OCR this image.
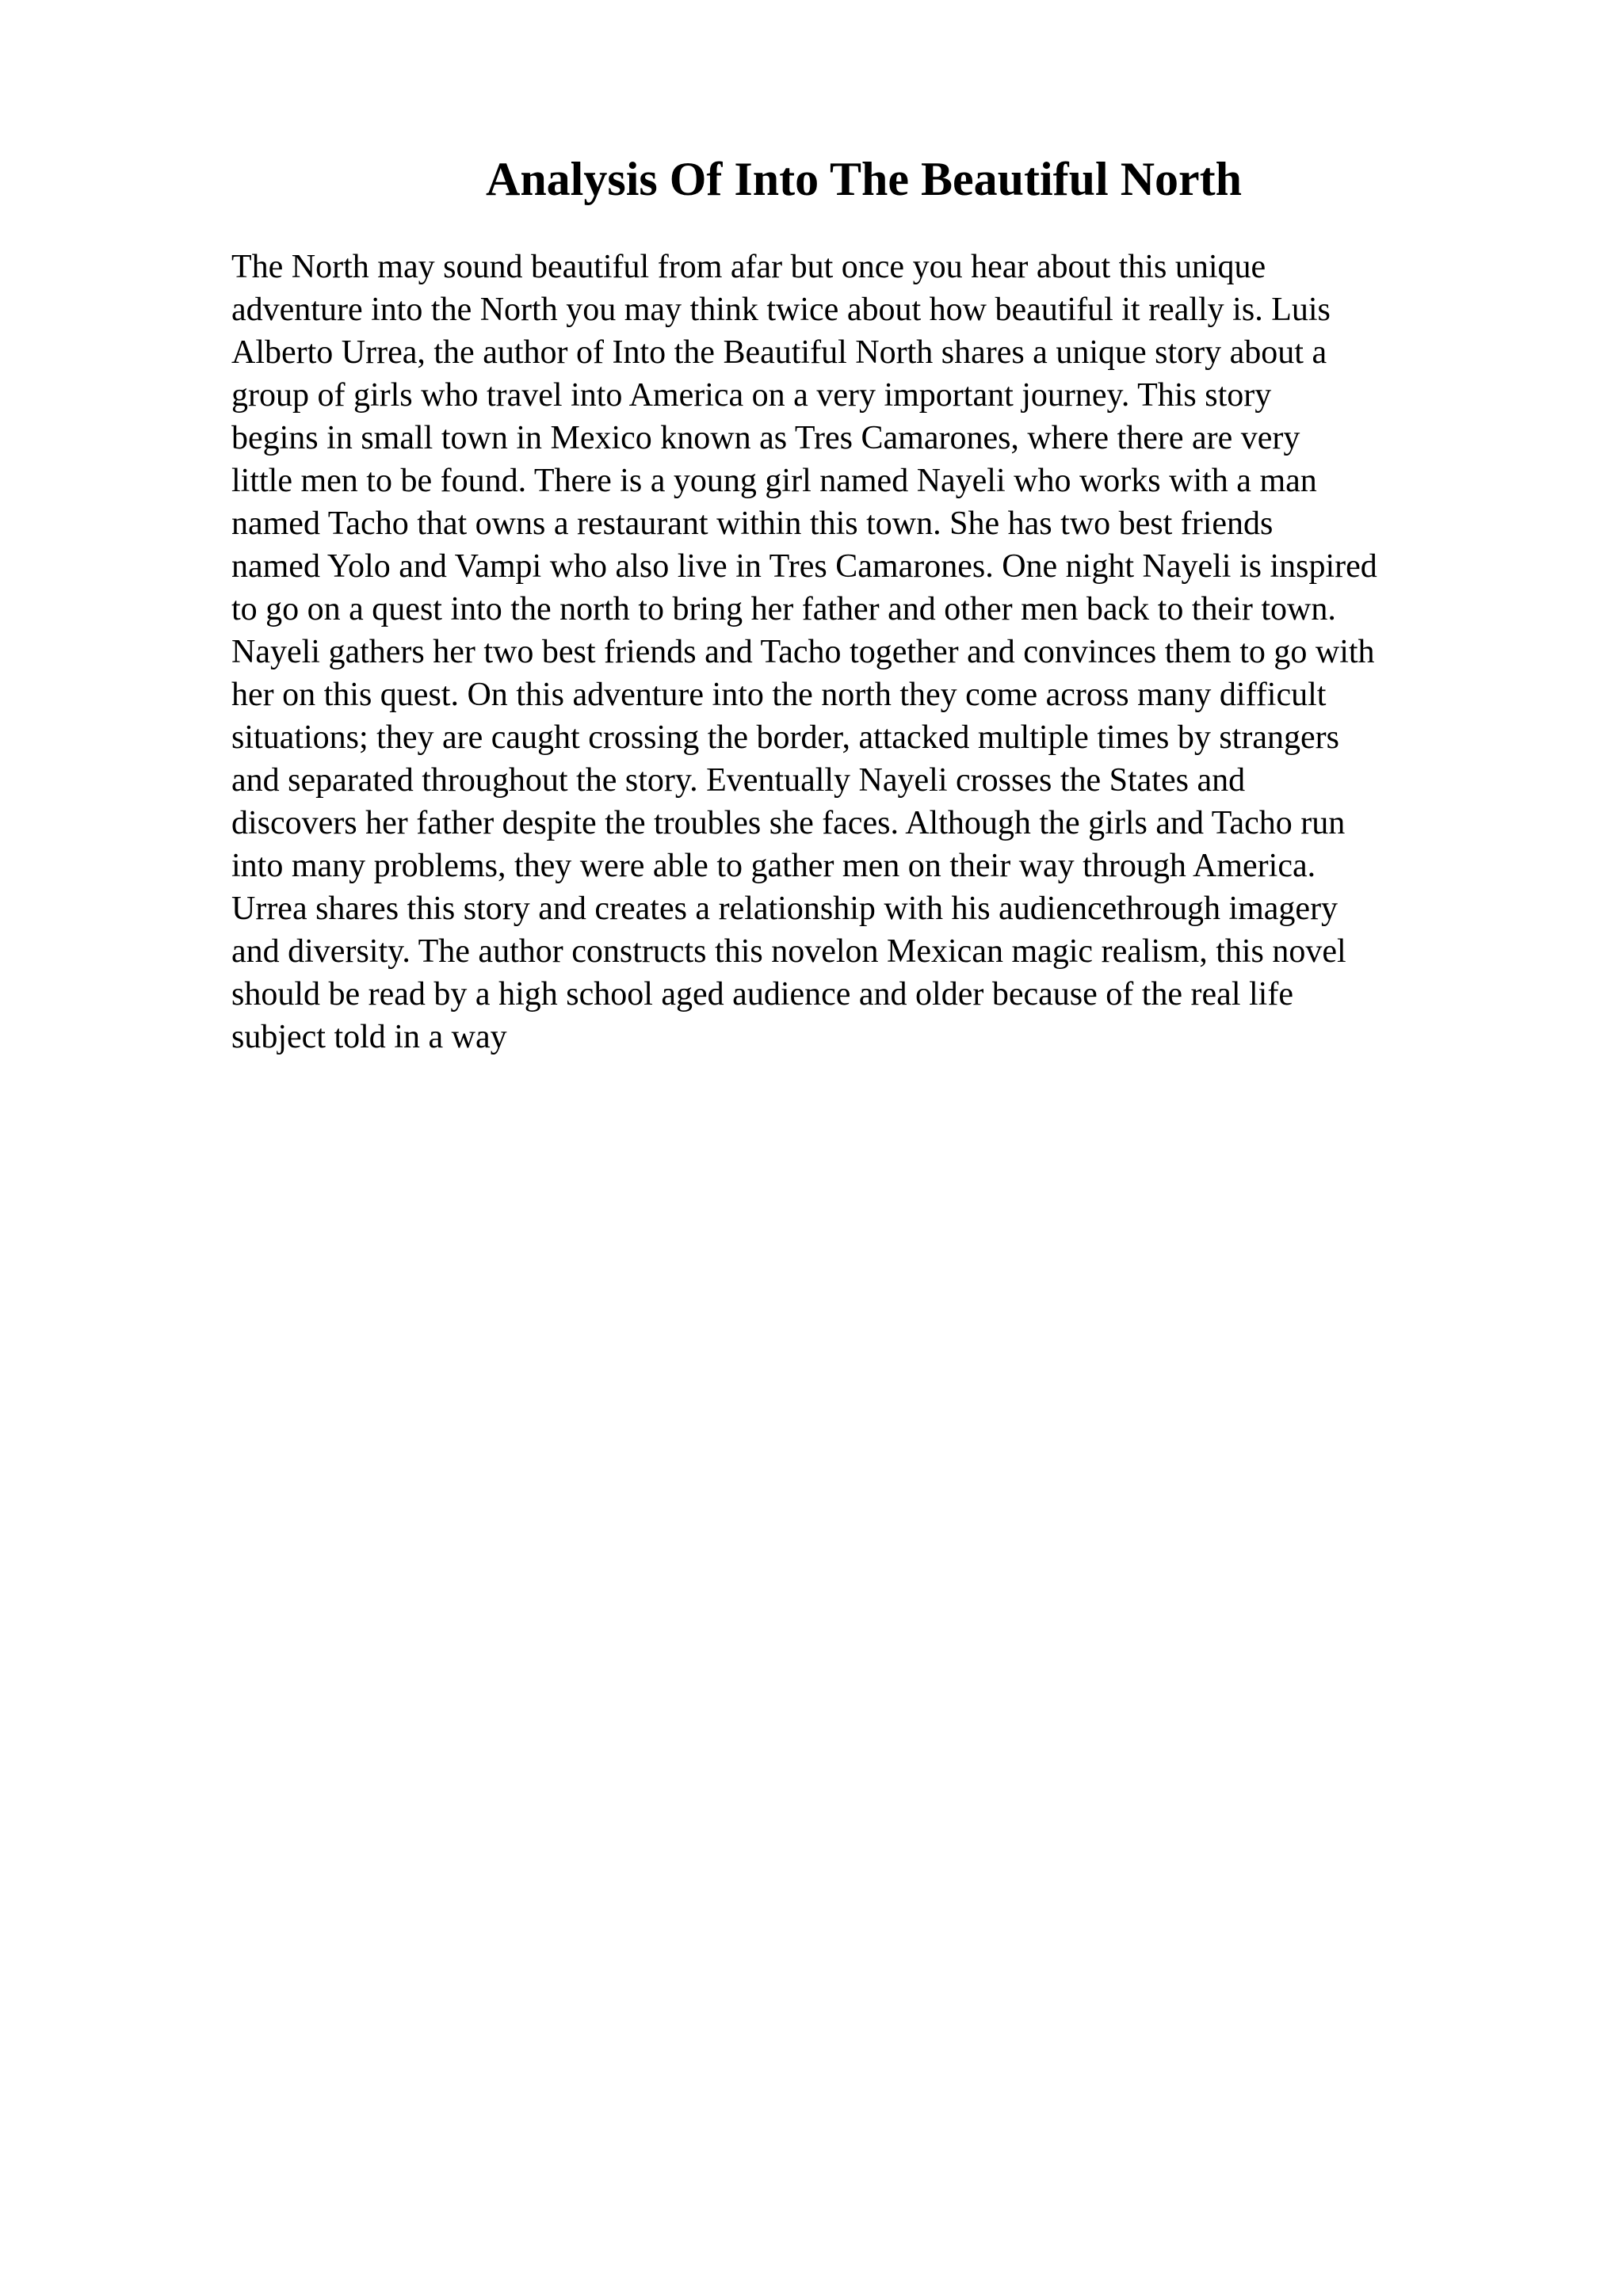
Analysis Of Into The Beautiful North
The North may sound beautiful from afar but once you hear about this unique
adventure into the North you may think twice about how beautiful it really is. Luis
Alberto Urrea, the author of Into the Beautiful North shares a unique story about a
group of girls who travel into America on a very important journey. This story
begins in small town in Mexico known as Tres Camarones, where there are very
little men to be found. There is a young girl named Nayeli who works with a man
named Tacho that owns a restaurant within this town. She has two best friends
named Yolo and Vampi who also live in Tres Camarones. One night Nayeli is inspired
to go on a quest into the north to bring her father and other men back to their town.
Nayeli gathers her two best friends and Tacho together and convinces them to go with
her on this quest. On this adventure into the north they come across many difficult
situations; they are caught crossing the border, attacked multiple times by strangers
and separated throughout the story. Eventually Nayeli crosses the States and
discovers her father despite the troubles she faces. Although the girls and Tacho run
into many problems, they were able to gather men on their way through America.
Urrea shares this story and creates a relationship with his audiencethrough imagery
and diversity. The author constructs this novelon Mexican magic realism, this novel
should be read by a high school aged audience and older because of the real life
subject told in a way
